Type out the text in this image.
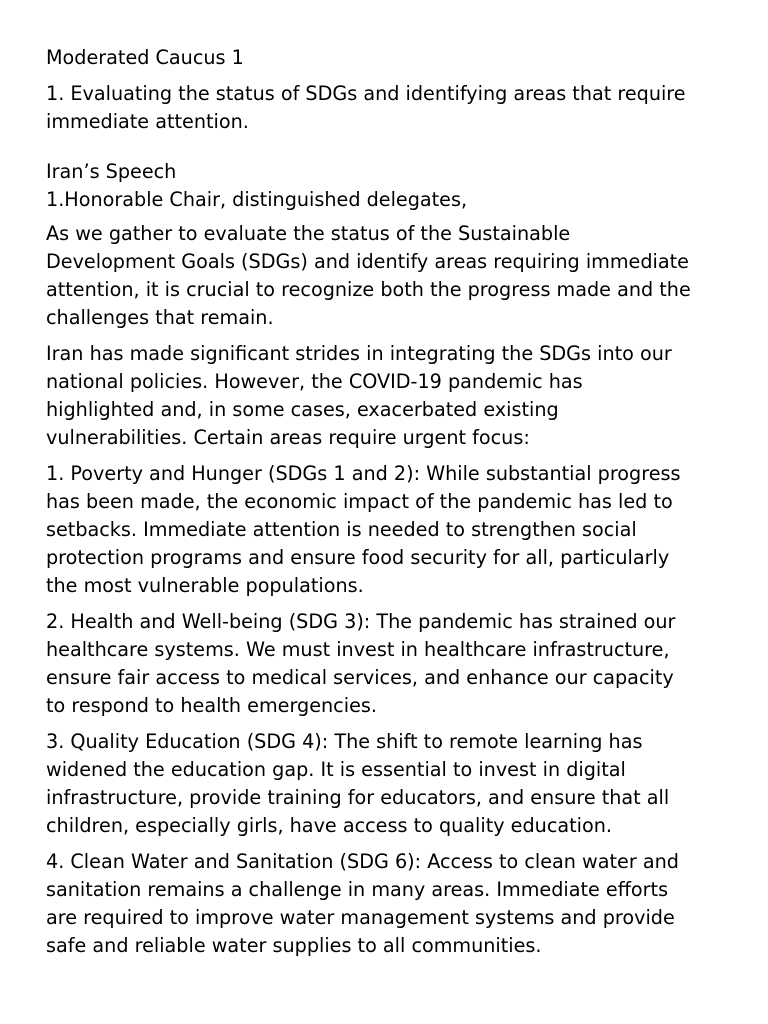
Moderated Caucus 1

1. Evaluating the status of SDGs and identifying areas that require
immediate attention.

Iran’s Speech

1.Honorable Chair, distinguished delegates,

As we gather to evaluate the status of the Sustainable
Development Goals (SDGs) and identify areas requiring immediate
attention, it is crucial to recognize both the progress made and the
challenges that remain.

Iran has made significant strides in integrating the SDGs into our
national policies. However, the COVID-19 pandemic has
highlighted and, in some cases, exacerbated existing
vulnerabilities. Certain areas require urgent focus:

1. Poverty and Hunger (SDGs 1 and 2): While substantial progress
has been made, the economic impact of the pandemic has led to
setbacks. Immediate attention is needed to strengthen social
protection programs and ensure food security for all, particularly
the most vulnerable populations.

2. Health and Well-being (SDG 3): The pandemic has strained our
healthcare systems. We must invest in healthcare infrastructure,
ensure fair access to medical services, and enhance our capacity
to respond to health emergencies.

3. Quality Education (SDG 4): The shift to remote learning has
widened the education gap. It is essential to invest in digital
infrastructure, provide training for educators, and ensure that all
children, especially girls, have access to quality education.

4. Clean Water and Sanitation (SDG 6): Access to clean water and
sanitation remains a challenge in many areas. Immediate efforts
are required to improve water management systems and provide
safe and reliable water supplies to all communities.
